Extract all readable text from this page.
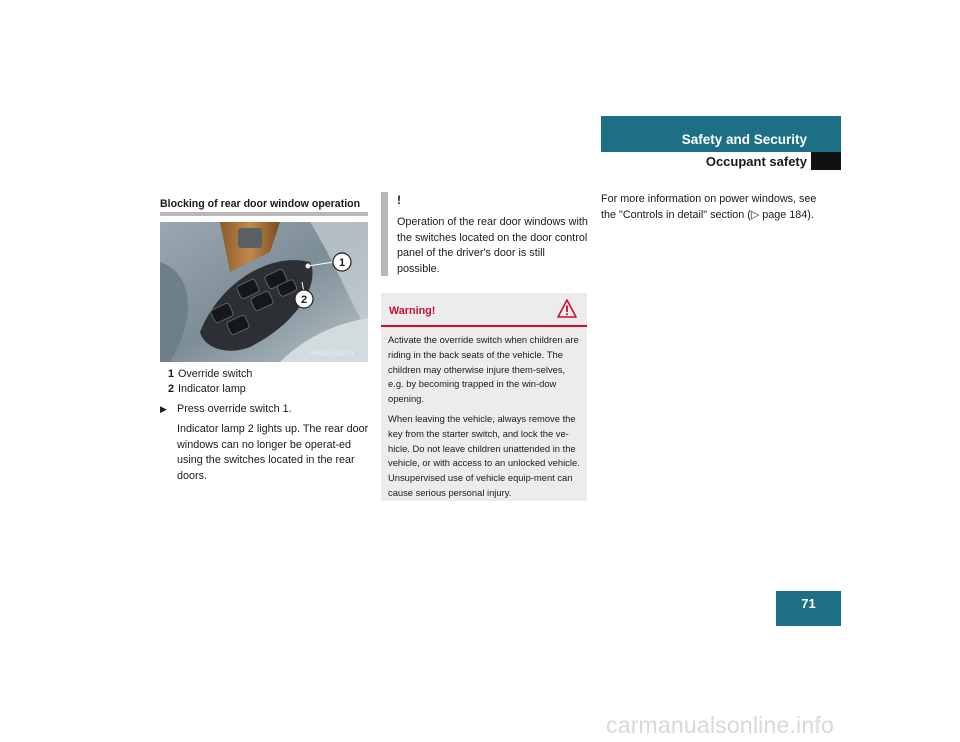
Safety and Security
Occupant safety
Blocking of rear door window operation
1
2
P54.25-2827-31
1 Override switch
2 Indicator lamp
▶ Press override switch 1.
Indicator lamp 2 lights up. The rear door windows can no longer be operat-ed using the switches located in the rear doors.
!
Operation of the rear door windows with the switches located on the door control panel of the driver's door is still possible.
Warning!

Activate the override switch when children are riding in the back seats of the vehicle. The children may otherwise injure them-selves, e.g. by becoming trapped in the win-dow opening.

When leaving the vehicle, always remove the key from the starter switch, and lock the ve-hicle. Do not leave children unattended in the vehicle, or with access to an unlocked vehicle. Unsupervised use of vehicle equip-ment can cause serious personal injury.

For more information on power windows, see the "Controls in detail" section (▷ page 184).
71
carmanualsonline.info
